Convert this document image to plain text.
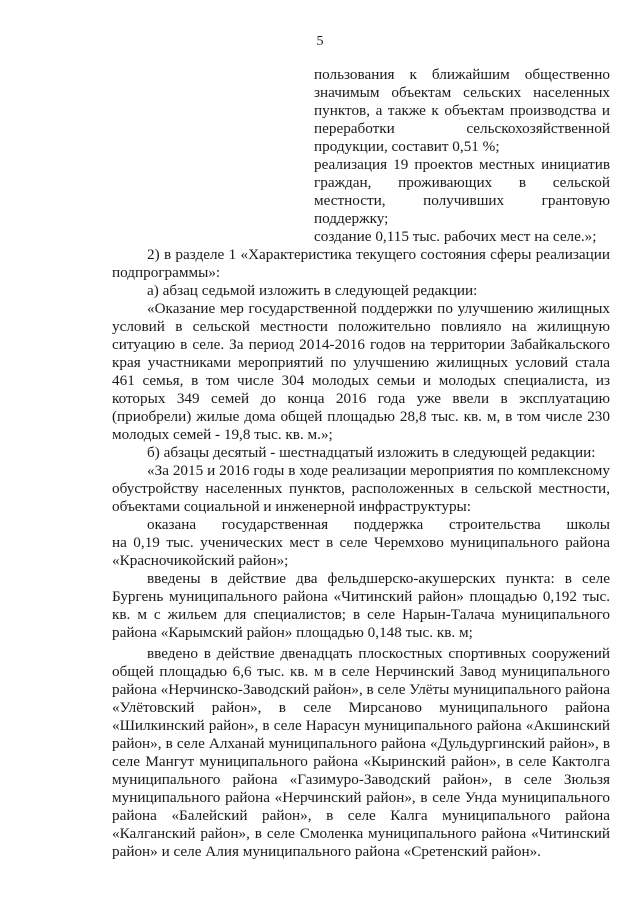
5
пользования к ближайшим общественно
значимым объектам сельских населенных
пунктов, а также к объектам производства и
переработки сельскохозяйственной
продукции, составит 0,51 %;
реализация 19 проектов местных инициатив
граждан, проживающих в сельской
местности, получивших грантовую
поддержку;
создание 0,115 тыс. рабочих мест на селе.»;
2) в разделе 1 «Характеристика текущего состояния сферы реализации
подпрограммы»:
а) абзац седьмой изложить в следующей редакции:
«Оказание мер государственной поддержки по улучшению жилищных
условий в сельской местности положительно повлияло на жилищную
ситуацию в селе. За период 2014-2016 годов на территории Забайкальского
края участниками мероприятий по улучшению жилищных условий стала
461 семья, в том числе 304 молодых семьи и молодых специалиста, из
которых 349 семей до конца 2016 года уже ввели в эксплуатацию
(приобрели) жилые дома общей площадью 28,8 тыс. кв. м, в том числе 230
молодых семей - 19,8 тыс. кв. м.»;
б) абзацы десятый - шестнадцатый изложить в следующей редакции:
«За 2015 и 2016 годы в ходе реализации мероприятия по комплексному
обустройству населенных пунктов, расположенных в сельской местности,
объектами социальной и инженерной инфраструктуры:
оказана государственная поддержка строительства школы
на 0,19 тыс. ученических мест в селе Черемхово муниципального района
«Красночикойский район»;
введены в действие два фельдшерско-акушерских пункта: в селе
Бургень муниципального района «Читинский район» площадью 0,192 тыс.
кв. м с жильем для специалистов; в селе Нарын-Талача муниципального
района «Карымский район» площадью 0,148 тыс. кв. м;
введено в действие двенадцать плоскостных спортивных сооружений
общей площадью 6,6 тыс. кв. м в селе Нерчинский Завод муниципального
района «Нерчинско-Заводский район», в селе Улёты муниципального района
«Улётовский район», в селе Мирсаново муниципального района
«Шилкинский район», в селе Нарасун муниципального района «Акшинский
район», в селе Алханай муниципального района «Дульдургинский район», в
селе Мангут муниципального района «Кыринский район», в селе Кактолга
муниципального района «Газимуро-Заводский район», в селе Зюльзя
муниципального района «Нерчинский район», в селе Унда муниципального
района «Балейский район», в селе Калга муниципального района
«Калганский район», в селе Смоленка муниципального района «Читинский
район» и селе Алия муниципального района «Сретенский район».
